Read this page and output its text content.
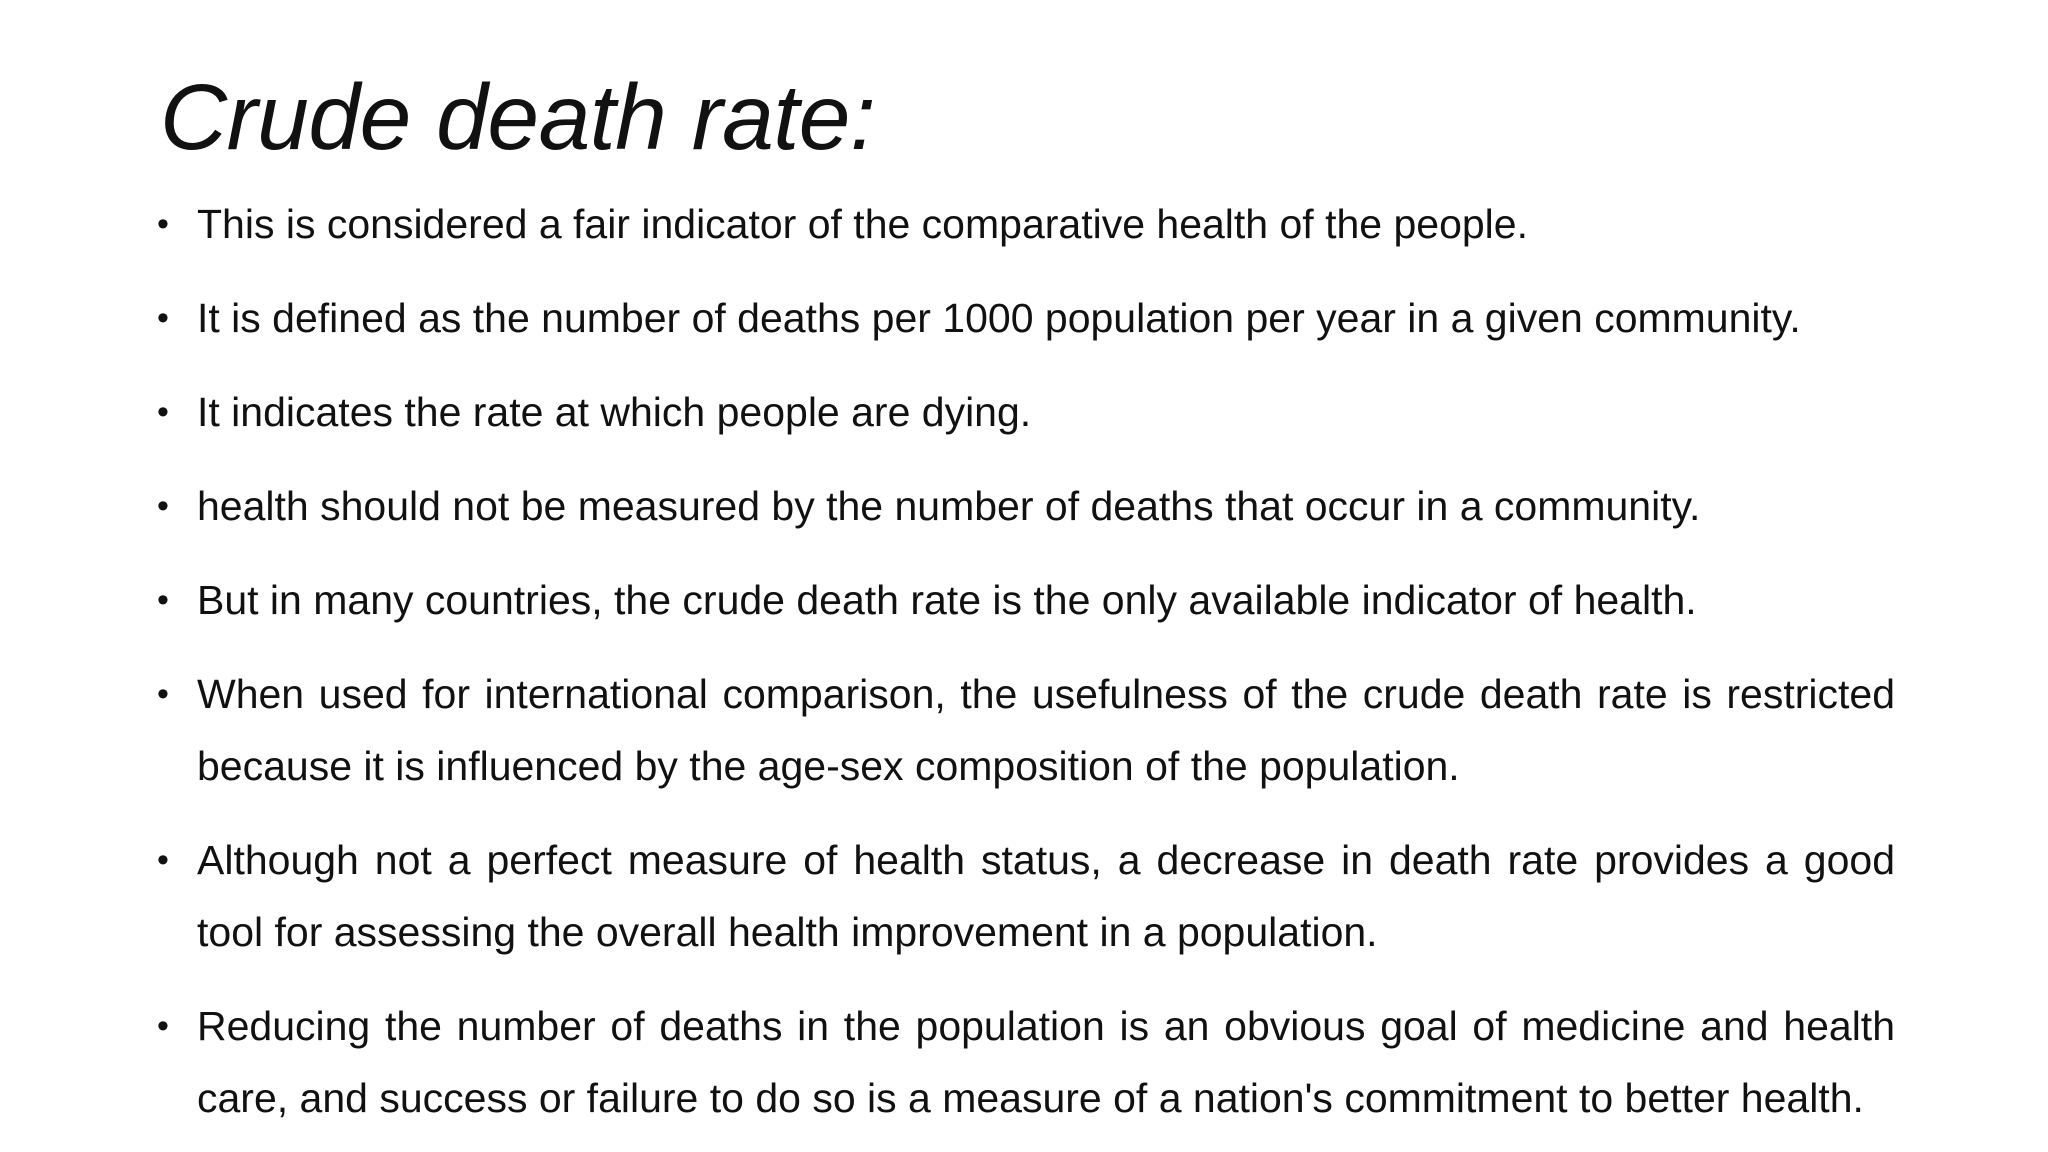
Crude death rate:
• This is considered a fair indicator of the comparative health of the people.
• It is defined as the number of deaths per 1000 population per year in a given community.
• It indicates the rate at which people are dying.
• health should not be measured by the number of deaths that occur in a community.
• But in many countries, the crude death rate is the only available indicator of health.
• When used for international comparison, the usefulness of the crude death rate is restricted because it is influenced by the age-sex composition of the population.
• Although not a perfect measure of health status, a decrease in death rate provides a good tool for assessing the overall health improvement in a population.
• Reducing the number of deaths in the population is an obvious goal of medicine and health care, and success or failure to do so is a measure of a nation's commitment to better health.
